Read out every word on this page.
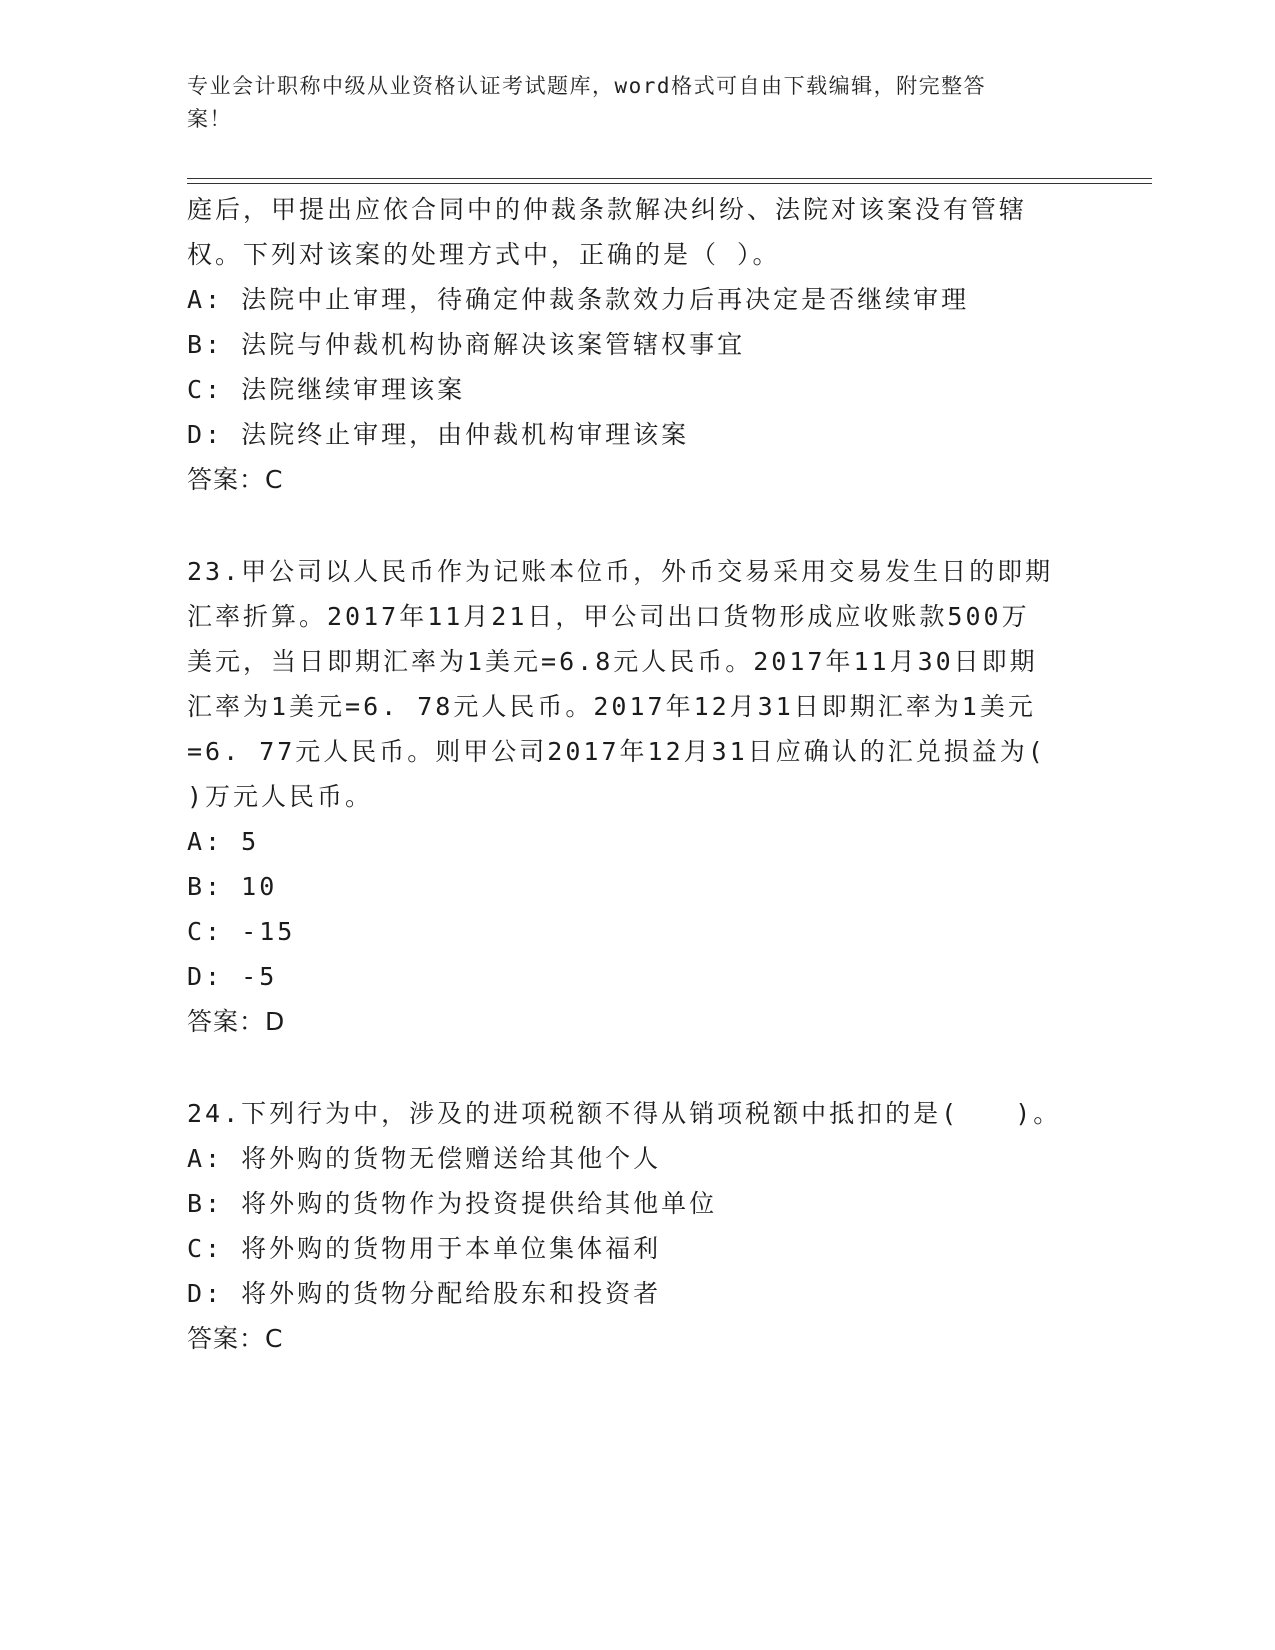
专业会计职称中级从业资格认证考试题库，word格式可自由下载编辑，附完整答
案！
庭后，甲提出应依合同中的仲裁条款解决纠纷、法院对该案没有管辖
权。下列对该案的处理方式中，正确的是（ ）。
A: 法院中止审理，待确定仲裁条款效力后再决定是否继续审理
B: 法院与仲裁机构协商解决该案管辖权事宜
C: 法院继续审理该案
D: 法院终止审理，由仲裁机构审理该案
答案：C
23.甲公司以人民币作为记账本位币，外币交易采用交易发生日的即期
汇率折算。2017年11月21日，甲公司出口货物形成应收账款500万
美元，当日即期汇率为1美元=6.8元人民币。2017年11月30日即期
汇率为1美元=6. 78元人民币。2017年12月31日即期汇率为1美元
=6. 77元人民币。则甲公司2017年12月31日应确认的汇兑损益为(
)万元人民币。
A: 5
B: 10
C: -15
D: -5
答案：D
24.下列行为中，涉及的进项税额不得从销项税额中抵扣的是(　　)。
A: 将外购的货物无偿赠送给其他个人
B: 将外购的货物作为投资提供给其他单位
C: 将外购的货物用于本单位集体福利
D: 将外购的货物分配给股东和投资者
答案：C
